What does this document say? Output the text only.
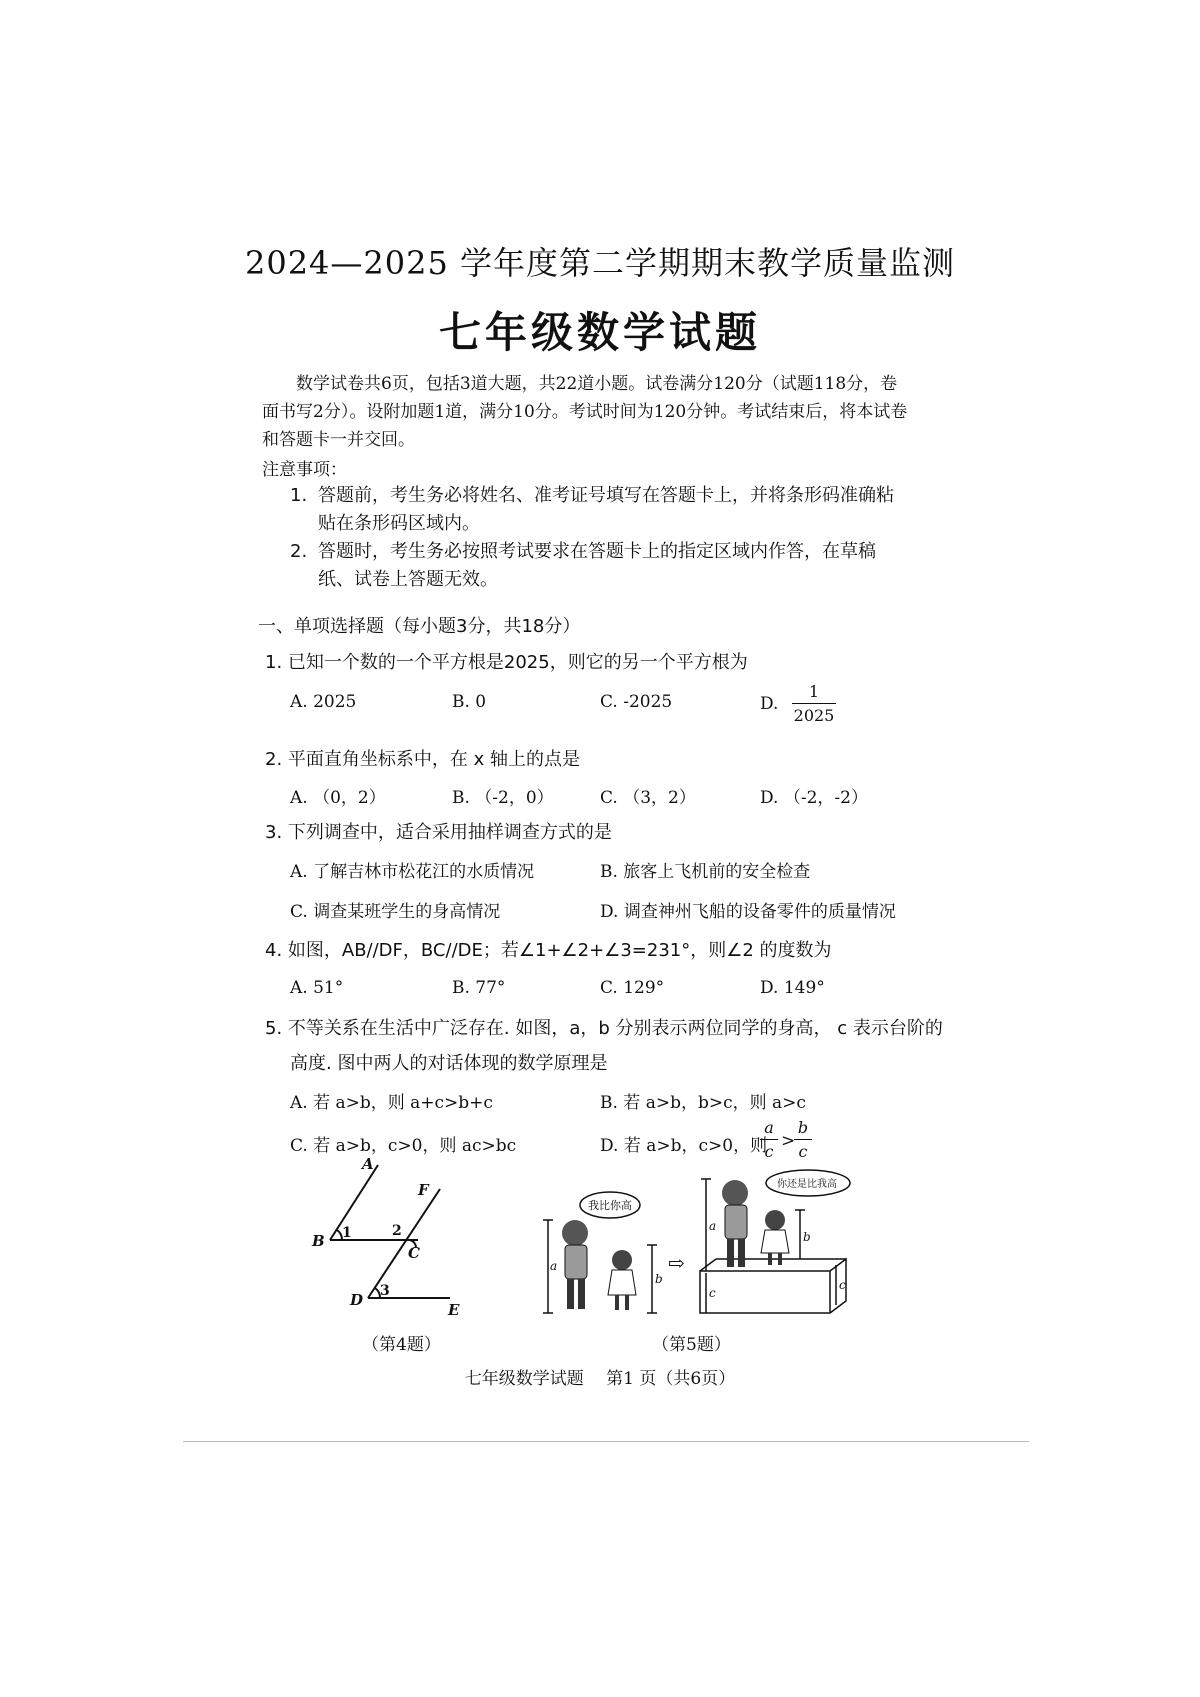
2024—2025 学年度第二学期期末教学质量监测
七年级数学试题
数学试卷共6页，包括3道大题，共22道小题。试卷满分120分（试题118分，卷面书写2分）。设附加题1道，满分10分。考试时间为120分钟。考试结束后，将本试卷和答题卡一并交回。
注意事项：
1. 答题前，考生务必将姓名、准考证号填写在答题卡上，并将条形码准确粘贴在条形码区域内。
2. 答题时，考生务必按照考试要求在答题卡上的指定区域内作答，在草稿纸、试卷上答题无效。
一、单项选择题（每小题3分，共18分）
1. 已知一个数的一个平方根是2025，则它的另一个平方根为
A. 2025	B. 0	C. -2025	D.
1
2025
2. 平面直角坐标系中，在 x 轴上的点是
A. （0，2）	B. （-2，0）	C. （3，2）	D. （-2，-2）
3. 下列调查中，适合采用抽样调查方式的是
A. 了解吉林市松花江的水质情况	B. 旅客上飞机前的安全检查
C. 调查某班学生的身高情况	D. 调查神州飞船的设备零件的质量情况
4. 如图，AB//DF，BC//DE；若∠1+∠2+∠3=231°，则∠2 的度数为
A. 51°	B. 77°	C. 129°	D. 149°
5. 不等关系在生活中广泛存在. 如图，a，b 分别表示两位同学的身高， c 表示台阶的
高度. 图中两人的对话体现的数学原理是
A. 若 a>b，则 a+c>b+c	B. 若 a>b，b>c，则 a>c
C. 若 a>b，c>0，则 ac>bc	D. 若 a>b，c>0，则
a
c
>
b
c
A
B
C
D
E
F
1	2
3
（第4题）
我比你高
a
b
⇨
你还是比我高
a
b
c
c
（第5题）
七年级数学试题　 第1 页（共6页）
